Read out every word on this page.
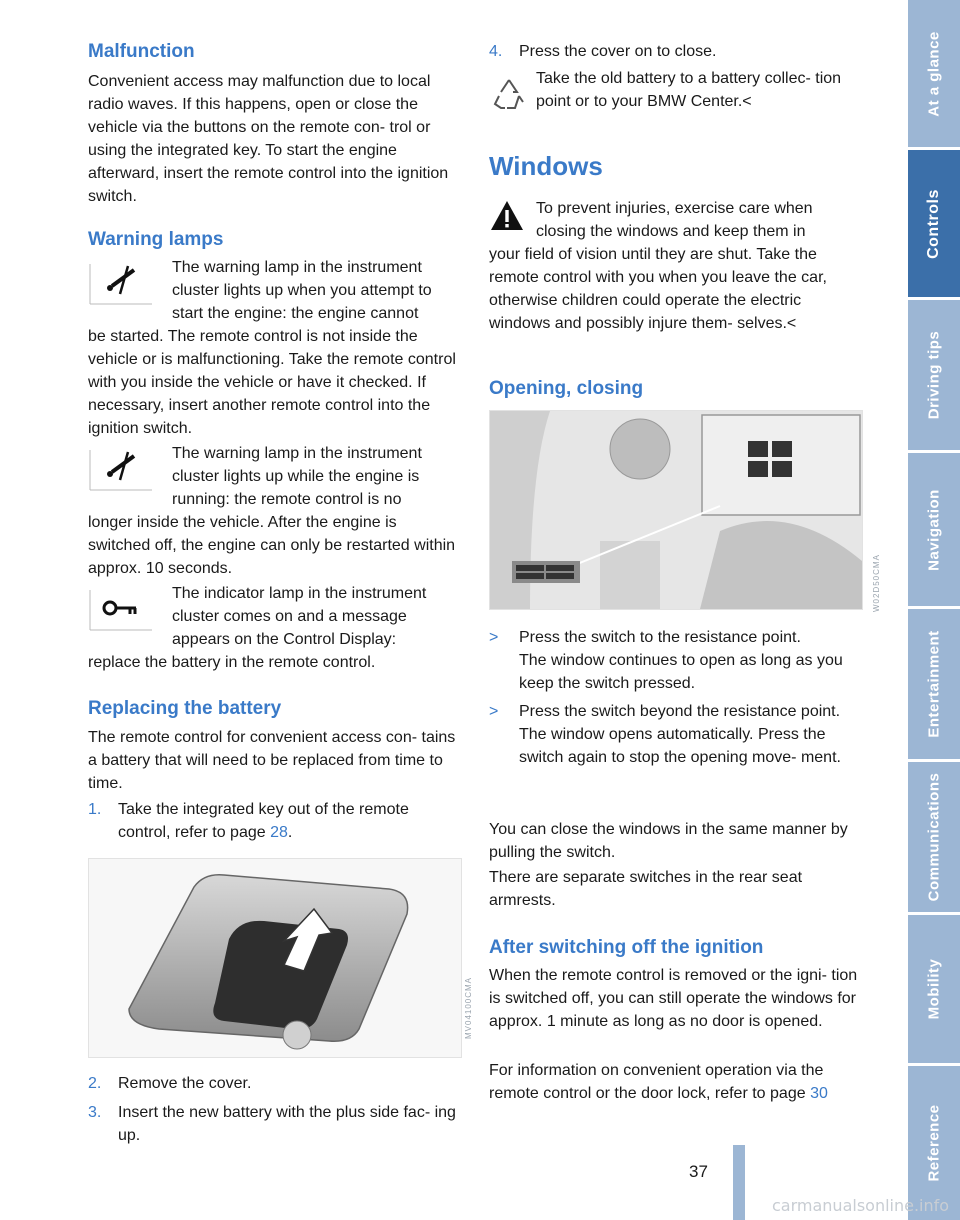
Malfunction

Convenient access may malfunction due to local radio waves. If this happens, open or close the vehicle via the buttons on the remote con- trol or using the integrated key. To start the engine afterward, insert the remote control into the ignition switch.

Warning lamps

The warning lamp in the instrument cluster lights up when you attempt to start the engine: the engine cannot

be started. The remote control is not inside the vehicle or is malfunctioning. Take the remote control with you inside the vehicle or have it checked. If necessary, insert another remote control into the ignition switch.

The warning lamp in the instrument cluster lights up while the engine is running: the remote control is no

longer inside the vehicle. After the engine is switched off, the engine can only be restarted within approx. 10 seconds.

The indicator lamp in the instrument cluster comes on and a message appears on the Control Display:

replace the battery in the remote control.

Replacing the battery

The remote control for convenient access con- tains a battery that will need to be replaced from time to time.

1. Take the integrated key out of the remote control, refer to page 28.
MV04100CMA
2. Remove the cover.
3. Insert the new battery with the plus side fac- ing up.
4. Press the cover on to close.

Take the old battery to a battery collec- tion point or to your BMW Center.<

Windows

To prevent injuries, exercise care when closing the windows and keep them in

your field of vision until they are shut. Take the remote control with you when you leave the car, otherwise children could operate the electric windows and possibly injure them- selves.<

Opening, closing
W02D50CMA
> Press the switch to the resistance point.
The window continues to open as long as you keep the switch pressed.
> Press the switch beyond the resistance point.
The window opens automatically. Press the switch again to stop the opening move- ment.

You can close the windows in the same manner by pulling the switch.

There are separate switches in the rear seat armrests.

After switching off the ignition

When the remote control is removed or the igni- tion is switched off, you can still operate the windows for approx. 1 minute as long as no door is opened.

For information on convenient operation via the remote control or the door lock, refer to page 30

At a glance
Controls
Driving tips
Navigation
Entertainment
Communications
Mobility
Reference
37
carmanualsonline.info
